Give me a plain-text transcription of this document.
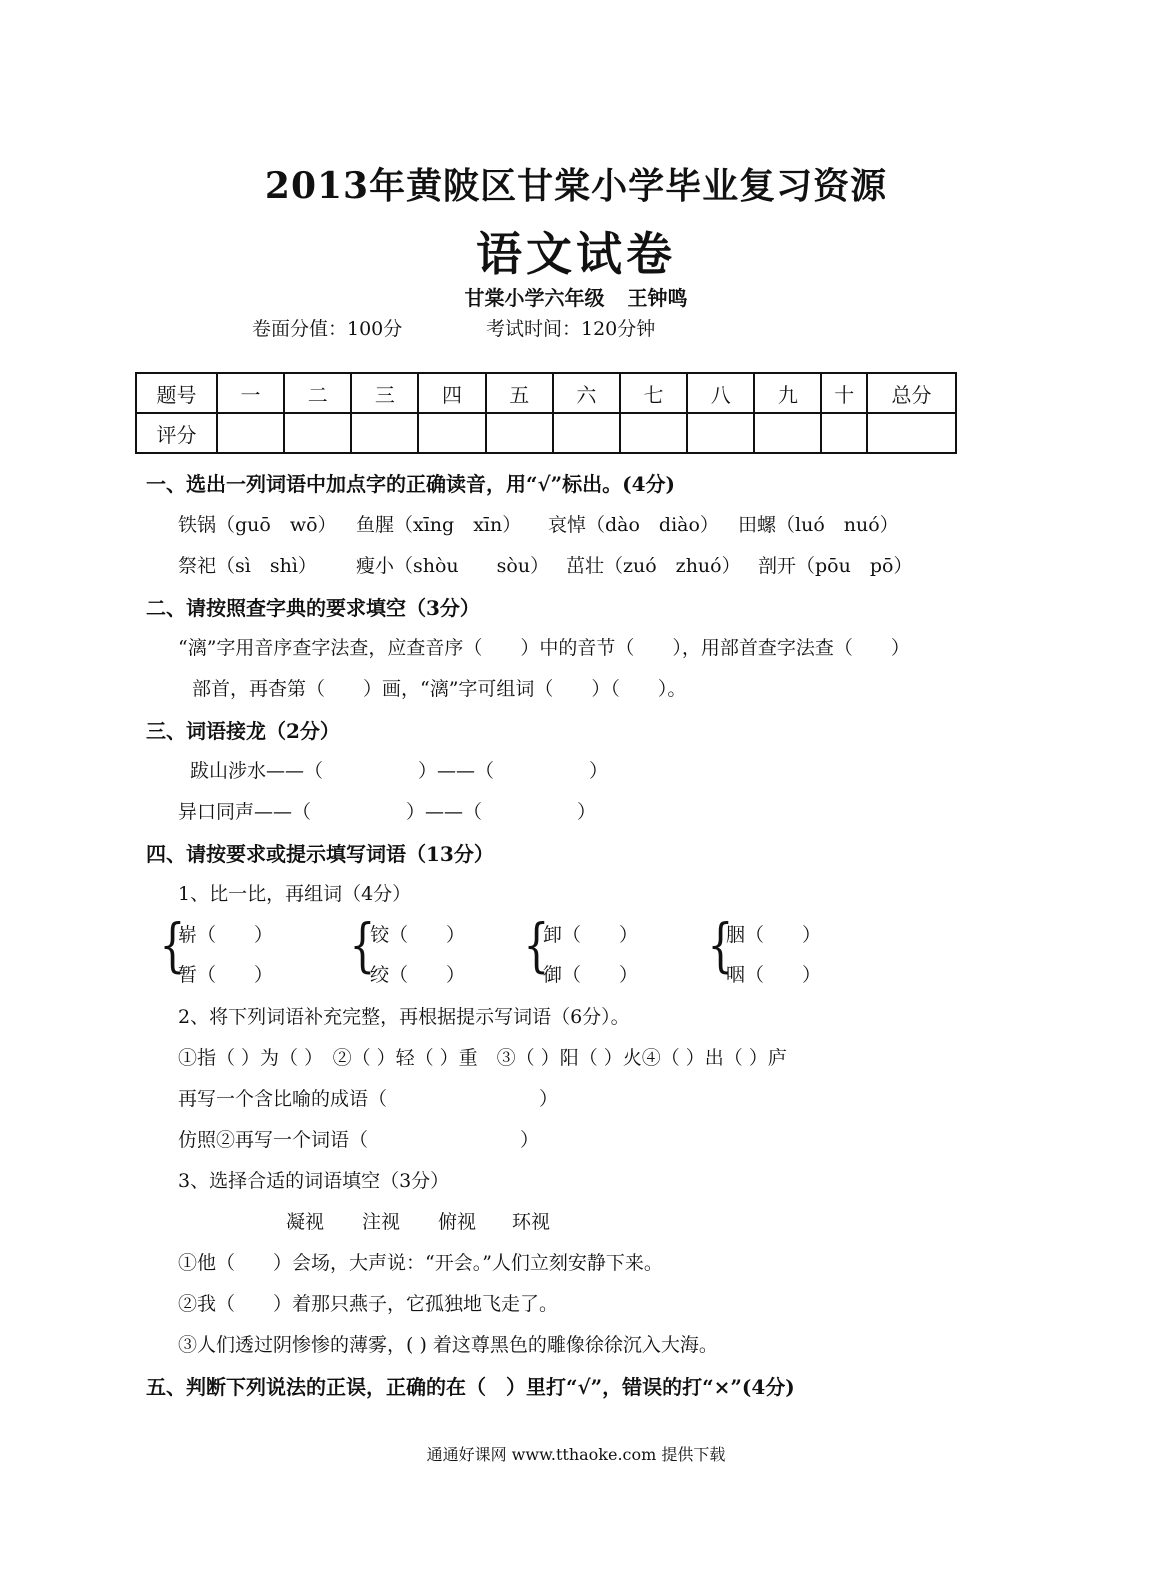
2013年黄陂区甘棠小学毕业复习资源
语文试卷
甘棠小学六年级 王钟鸣
卷面分值：100分	考试时间：120分钟
题号	一	二	三	四	五	六	七	八	九	十	总分
评分											
一、选出一列词语中加点字的正确读音，用“√”标出。(4分)
铁锅（guō　wō） 鱼腥（xīng　xīn） 哀悼（dào　diào） 田螺（luó　nuó）
祭祀（sì　shì） 瘦小（shòu　　sòu） 茁壮（zuó　zhuó） 剖开（pōu　pō）
二、请按照查字典的要求填空（3分）
“漓”字用音序查字法查，应查音序（　　）中的音节（　　），用部首查字法查（　　）
部首，再杳第（　　）画，“漓”字可组词（　　）（　　）。
三、词语接龙（2分）
跋山涉水——（　　　　　）——（　　　　　）
异口同声——（　　　　　）——（　　　　　）
四、请按要求或提示填写词语（13分）
1、比一比，再组词（4分）
{
崭（　　）
暂（　　） {
铰（　　）
绞（　　） {
卸（　　）
御（　　） {
胭（　　）
咽（　　）
2、将下列词语补充完整，再根据提示写词语（6分）。
①指（ ）为（ ）　②（ ）轻（ ）重　③（ ）阳（ ）火④（ ）出（ ）庐
再写一个含比喻的成语（　　　　　　　　）
仿照②再写一个词语（　　　　　　　　）
3、选择合适的词语填空（3分）
凝视 注视 俯视 环视
①他（　　）会场，大声说：“开会。”人们立刻安静下来。
②我（　　）着那只燕子，它孤独地飞走了。
③人们透过阴惨惨的薄雾，( ) 着这尊黑色的雕像徐徐沉入大海。
五、判断下列说法的正误，正确的在（　）里打“√”，错误的打“×”(4分)
通通好课网 www.tthaoke.com 提供下载
